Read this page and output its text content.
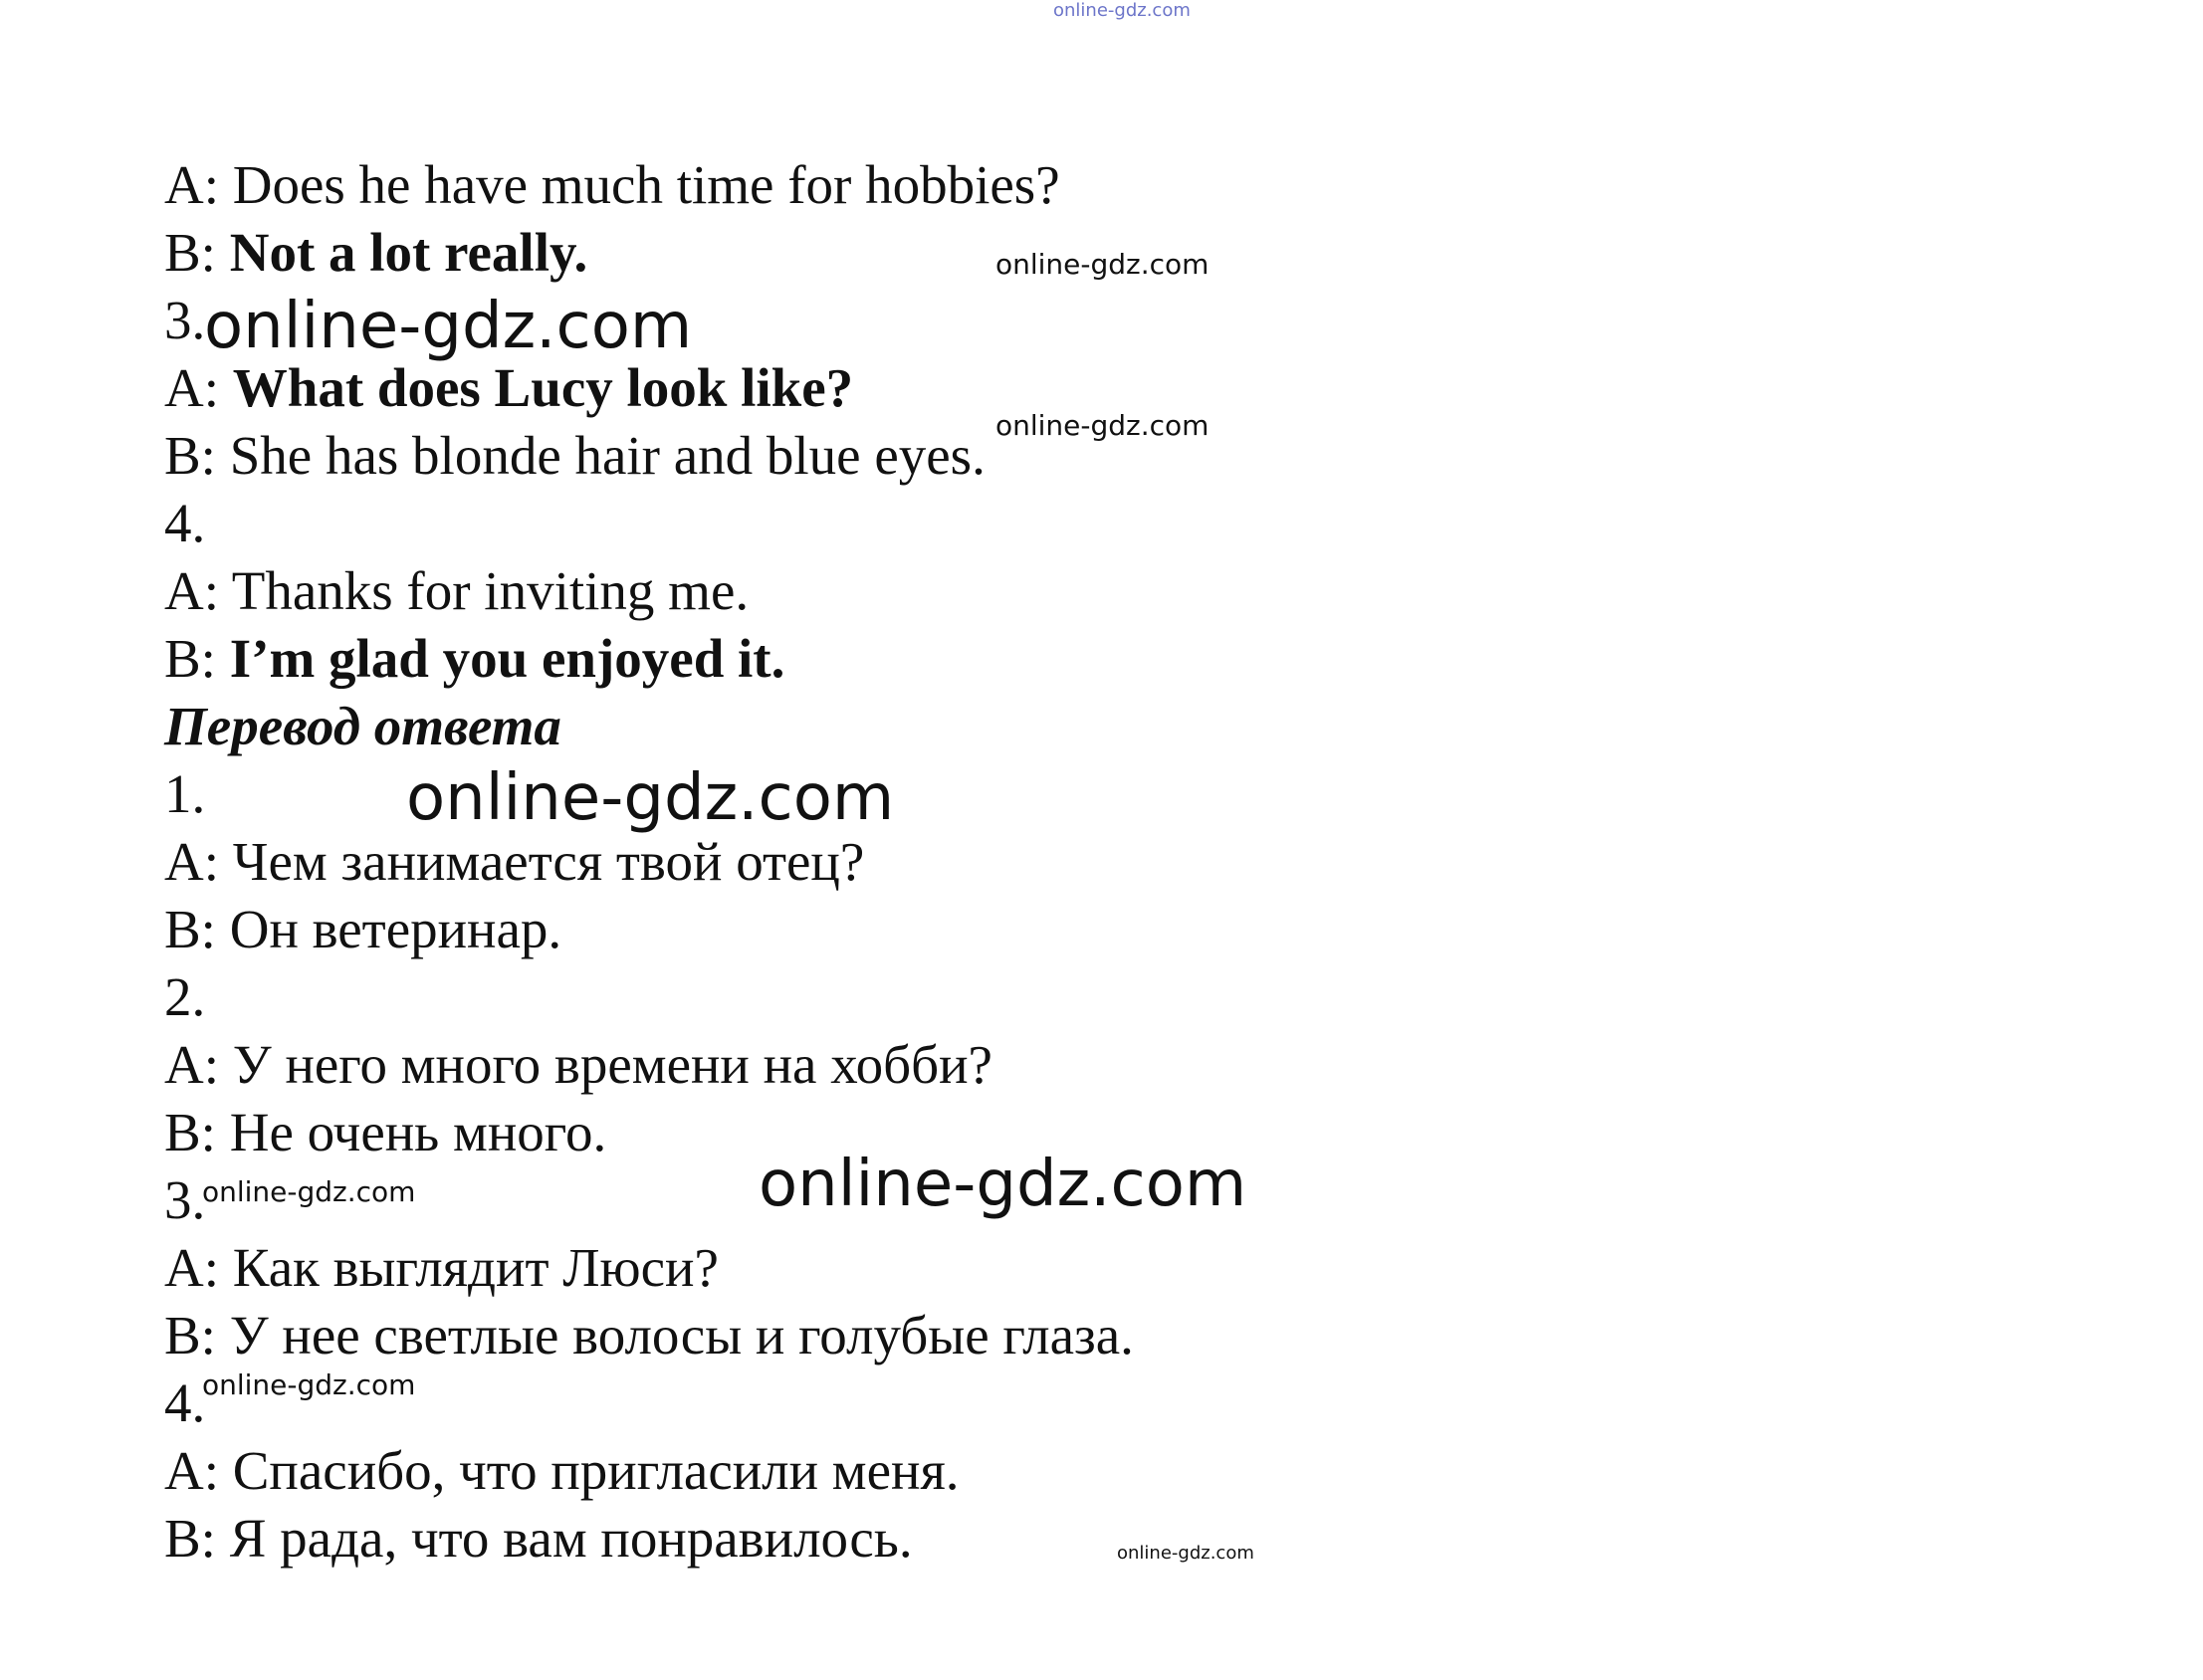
online-gdz.com
A: Does he have much time for hobbies?
B: Not a lot really.
3.
A: What does Lucy look like?
B: She has blonde hair and blue eyes.
4.
A: Thanks for inviting me.
B: I’m glad you enjoyed it.
Перевод ответа
1.
A: Чем занимается твой отец?
B: Он ветеринар.
2.
A: У него много времени на хобби?
B: Не очень много.
3.
A: Как выглядит Люси?
B: У нее светлые волосы и голубые глаза.
4.
A: Спасибо, что пригласили меня.
B: Я рада, что вам понравилось.
online-gdz.com
online-gdz.com
online-gdz.com
online-gdz.com
online-gdz.com
online-gdz.com
online-gdz.com
online-gdz.com
